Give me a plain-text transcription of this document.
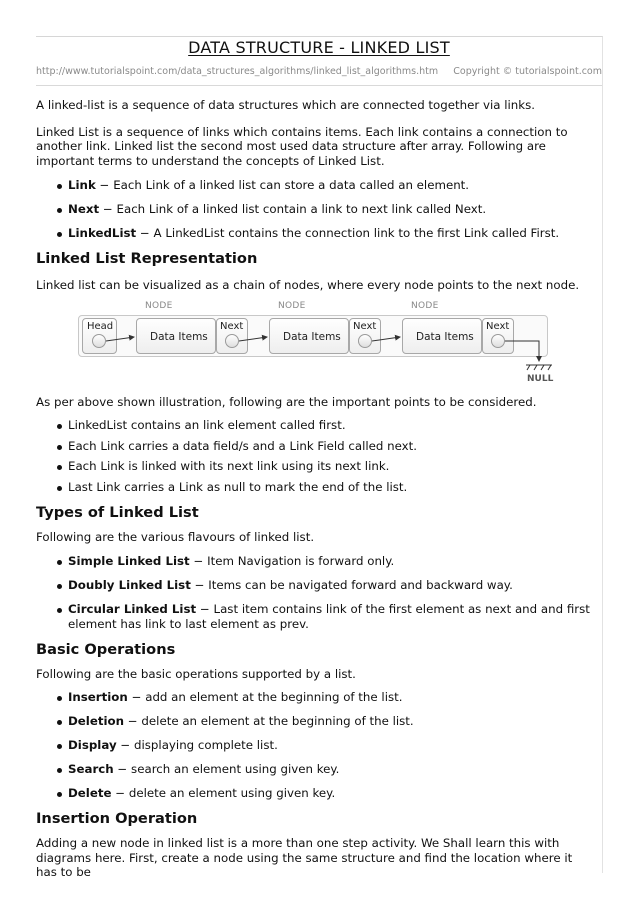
DATA STRUCTURE - LINKED LIST
http://www.tutorialspoint.com/data_structures_algorithms/linked_list_algorithms.htm Copyright © tutorialspoint.com

A linked-list is a sequence of data structures which are connected together via links.

Linked List is a sequence of links which contains items. Each link contains a connection to another link. Linked list the second most used data structure after array. Following are important terms to understand the concepts of Linked List.

Link − Each Link of a linked list can store a data called an element.
Next − Each Link of a linked list contain a link to next link called Next.
LinkedList − A LinkedList contains the connection link to the first Link called First.
Linked List Representation

Linked list can be visualized as a chain of nodes, where every node points to the next node.

NODE	NODE	NODE
Head
Data Items
Next
Data Items
Next
Data Items
Next
NULL

As per above shown illustration, following are the important points to be considered.

LinkedList contains an link element called first.
Each Link carries a data field/s and a Link Field called next.
Each Link is linked with its next link using its next link.
Last Link carries a Link as null to mark the end of the list.
Types of Linked List

Following are the various flavours of linked list.

Simple Linked List − Item Navigation is forward only.
Doubly Linked List − Items can be navigated forward and backward way.
Circular Linked List − Last item contains link of the first element as next and and first element has link to last element as prev.
Basic Operations

Following are the basic operations supported by a list.

Insertion − add an element at the beginning of the list.
Deletion − delete an element at the beginning of the list.
Display − displaying complete list.
Search − search an element using given key.
Delete − delete an element using given key.
Insertion Operation

Adding a new node in linked list is a more than one step activity. We Shall learn this with diagrams here. First, create a node using the same structure and find the location where it has to be
